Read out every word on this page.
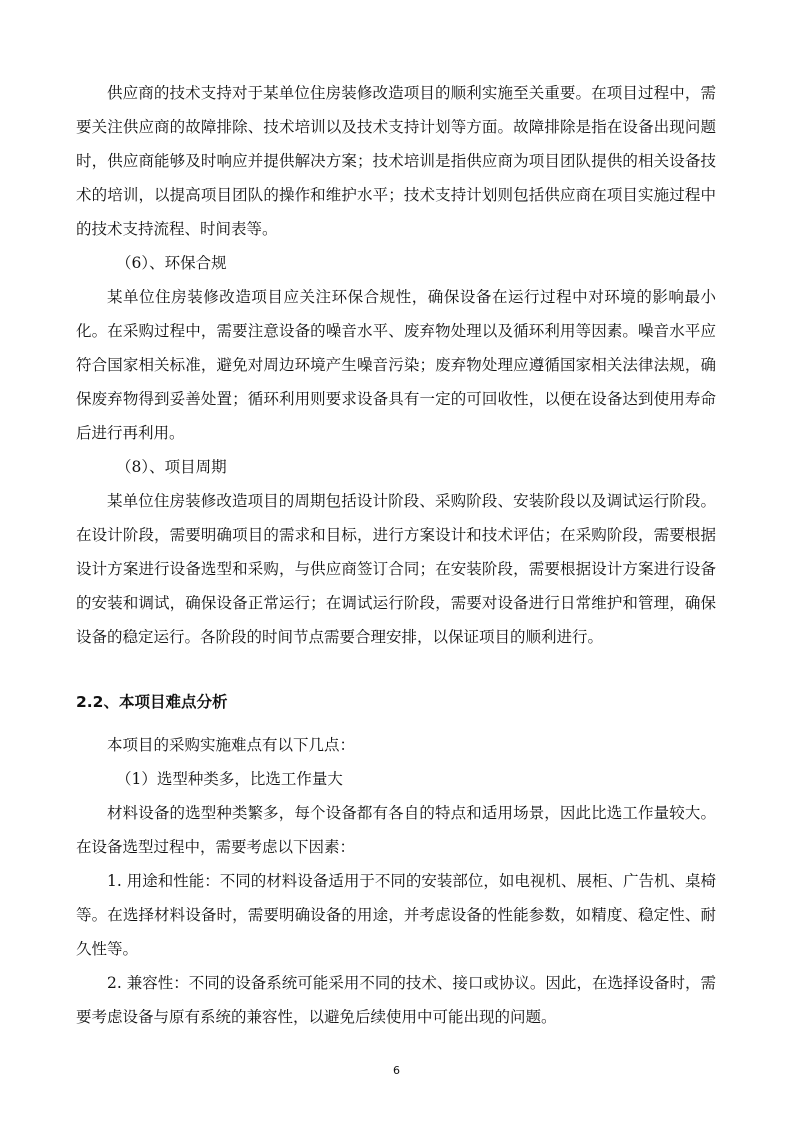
供应商的技术支持对于某单位住房装修改造项目的顺利实施至关重要。在项目过程中，需要关注供应商的故障排除、技术培训以及技术支持计划等方面。故障排除是指在设备出现问题时，供应商能够及时响应并提供解决方案；技术培训是指供应商为项目团队提供的相关设备技术的培训，以提高项目团队的操作和维护水平；技术支持计划则包括供应商在项目实施过程中的技术支持流程、时间表等。

（6）、环保合规

某单位住房装修改造项目应关注环保合规性，确保设备在运行过程中对环境的影响最小化。在采购过程中，需要注意设备的噪音水平、废弃物处理以及循环利用等因素。噪音水平应符合国家相关标准，避免对周边环境产生噪音污染；废弃物处理应遵循国家相关法律法规，确保废弃物得到妥善处置；循环利用则要求设备具有一定的可回收性，以便在设备达到使用寿命后进行再利用。

（8）、项目周期

某单位住房装修改造项目的周期包括设计阶段、采购阶段、安装阶段以及调试运行阶段。在设计阶段，需要明确项目的需求和目标，进行方案设计和技术评估；在采购阶段，需要根据设计方案进行设备选型和采购，与供应商签订合同；在安装阶段，需要根据设计方案进行设备的安装和调试，确保设备正常运行；在调试运行阶段，需要对设备进行日常维护和管理，确保设备的稳定运行。各阶段的时间节点需要合理安排，以保证项目的顺利进行。

2.2、本项目难点分析

本项目的采购实施难点有以下几点：

（1）选型种类多，比选工作量大

材料设备的选型种类繁多，每个设备都有各自的特点和适用场景，因此比选工作量较大。在设备选型过程中，需要考虑以下因素：

1. 用途和性能：不同的材料设备适用于不同的安装部位，如电视机、展柜、广告机、桌椅等。在选择材料设备时，需要明确设备的用途，并考虑设备的性能参数，如精度、稳定性、耐久性等。

2. 兼容性：不同的设备系统可能采用不同的技术、接口或协议。因此，在选择设备时，需要考虑设备与原有系统的兼容性，以避免后续使用中可能出现的问题。

6
